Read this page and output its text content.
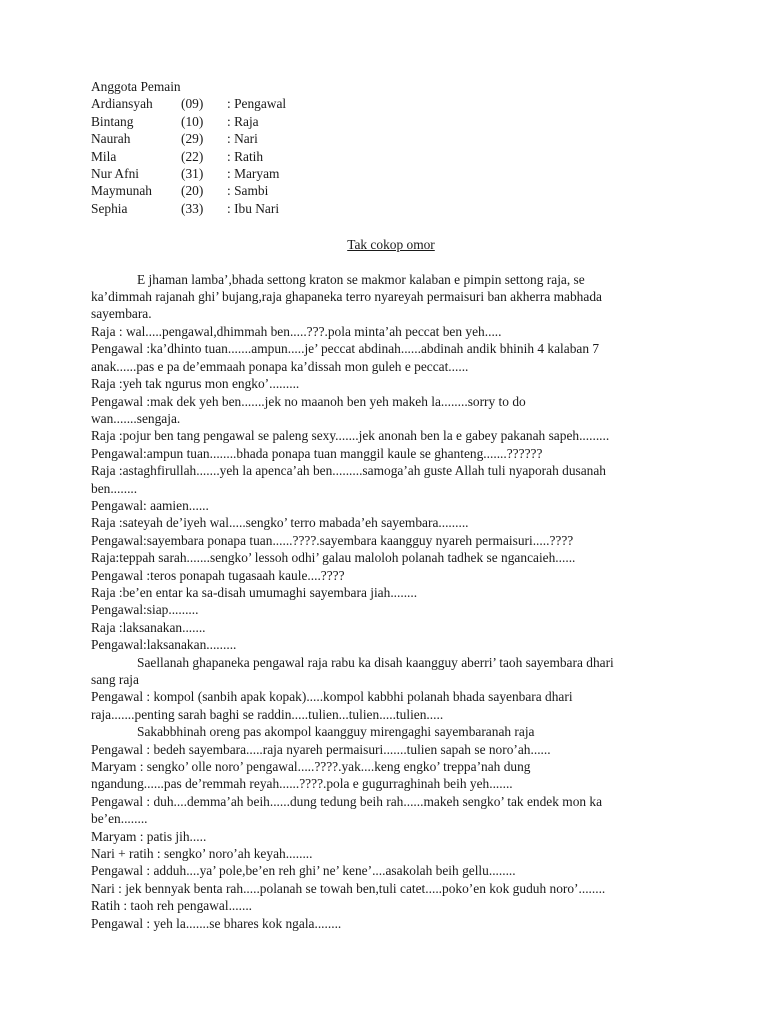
Anggota Pemain

Ardiansyah	(09)	: Pengawal
Bintang	(10)	: Raja
Naurah	(29)	: Nari
Mila	(22)	: Ratih
Nur Afni	(31)	: Maryam
Maymunah	(20)	: Sambi
Sephia	(33)	: Ibu Nari
Tak cokop omor

E jhaman lamba’,bhada settong kraton se makmor kalaban e pimpin settong raja, se

ka’dimmah rajanah ghi’ bujang,raja ghapaneka terro nyareyah permaisuri ban akherra mabhada

sayembara.

Raja : wal.....pengawal,dhimmah ben.....???.pola minta’ah peccat ben yeh.....

Pengawal :ka’dhinto tuan.......ampun.....je’ peccat abdinah......abdinah andik bhinih 4 kalaban 7

anak......pas e pa de’emmaah ponapa ka’dissah mon guleh e peccat......

Raja :yeh tak ngurus mon engko’.........

Pengawal :mak dek yeh ben.......jek no maanoh ben yeh makeh la........sorry to do

wan.......sengaja.

Raja :pojur ben tang pengawal se paleng sexy.......jek anonah ben la e gabey pakanah sapeh.........

Pengawal:ampun tuan........bhada ponapa tuan manggil kaule se ghanteng.......??????

Raja :astaghfirullah.......yeh la apenca’ah ben.........samoga’ah guste Allah tuli nyaporah dusanah

ben........

Pengawal: aamien......

Raja :sateyah de’iyeh wal.....sengko’ terro mabada’eh sayembara.........

Pengawal:sayembara ponapa tuan......????.sayembara kaangguy nyareh permaisuri.....????

Raja:teppah sarah.......sengko’ lessoh odhi’ galau maloloh polanah tadhek se ngancaieh......

Pengawal :teros ponapah tugasaah kaule....????

Raja :be’en entar ka sa-disah umumaghi sayembara jiah........

Pengawal:siap.........

Raja :laksanakan.......

Pengawal:laksanakan.........

Saellanah ghapaneka pengawal raja rabu ka disah kaangguy aberri’ taoh sayembara dhari

sang raja

Pengawal : kompol (sanbih apak kopak).....kompol kabbhi polanah bhada sayenbara dhari

raja.......penting sarah baghi se raddin.....tulien...tulien.....tulien.....

Sakabbhinah oreng pas akompol kaangguy mirengaghi sayembaranah raja

Pengawal : bedeh sayembara.....raja nyareh permaisuri.......tulien sapah se noro’ah......

Maryam : sengko’ olle noro’ pengawal.....????.yak....keng engko’ treppa’nah dung

ngandung......pas de’remmah reyah......????.pola e gugurraghinah beih yeh.......

Pengawal : duh....demma’ah beih......dung tedung beih rah......makeh sengko’ tak endek mon ka

be’en........

Maryam : patis jih.....

Nari + ratih : sengko’ noro’ah keyah........

Pengawal : adduh....ya’ pole,be’en reh ghi’ ne’ kene’....asakolah beih gellu........

Nari : jek bennyak benta rah.....polanah se towah ben,tuli catet.....poko’en kok guduh noro’........

Ratih : taoh reh pengawal.......

Pengawal : yeh la.......se bhares kok ngala........
